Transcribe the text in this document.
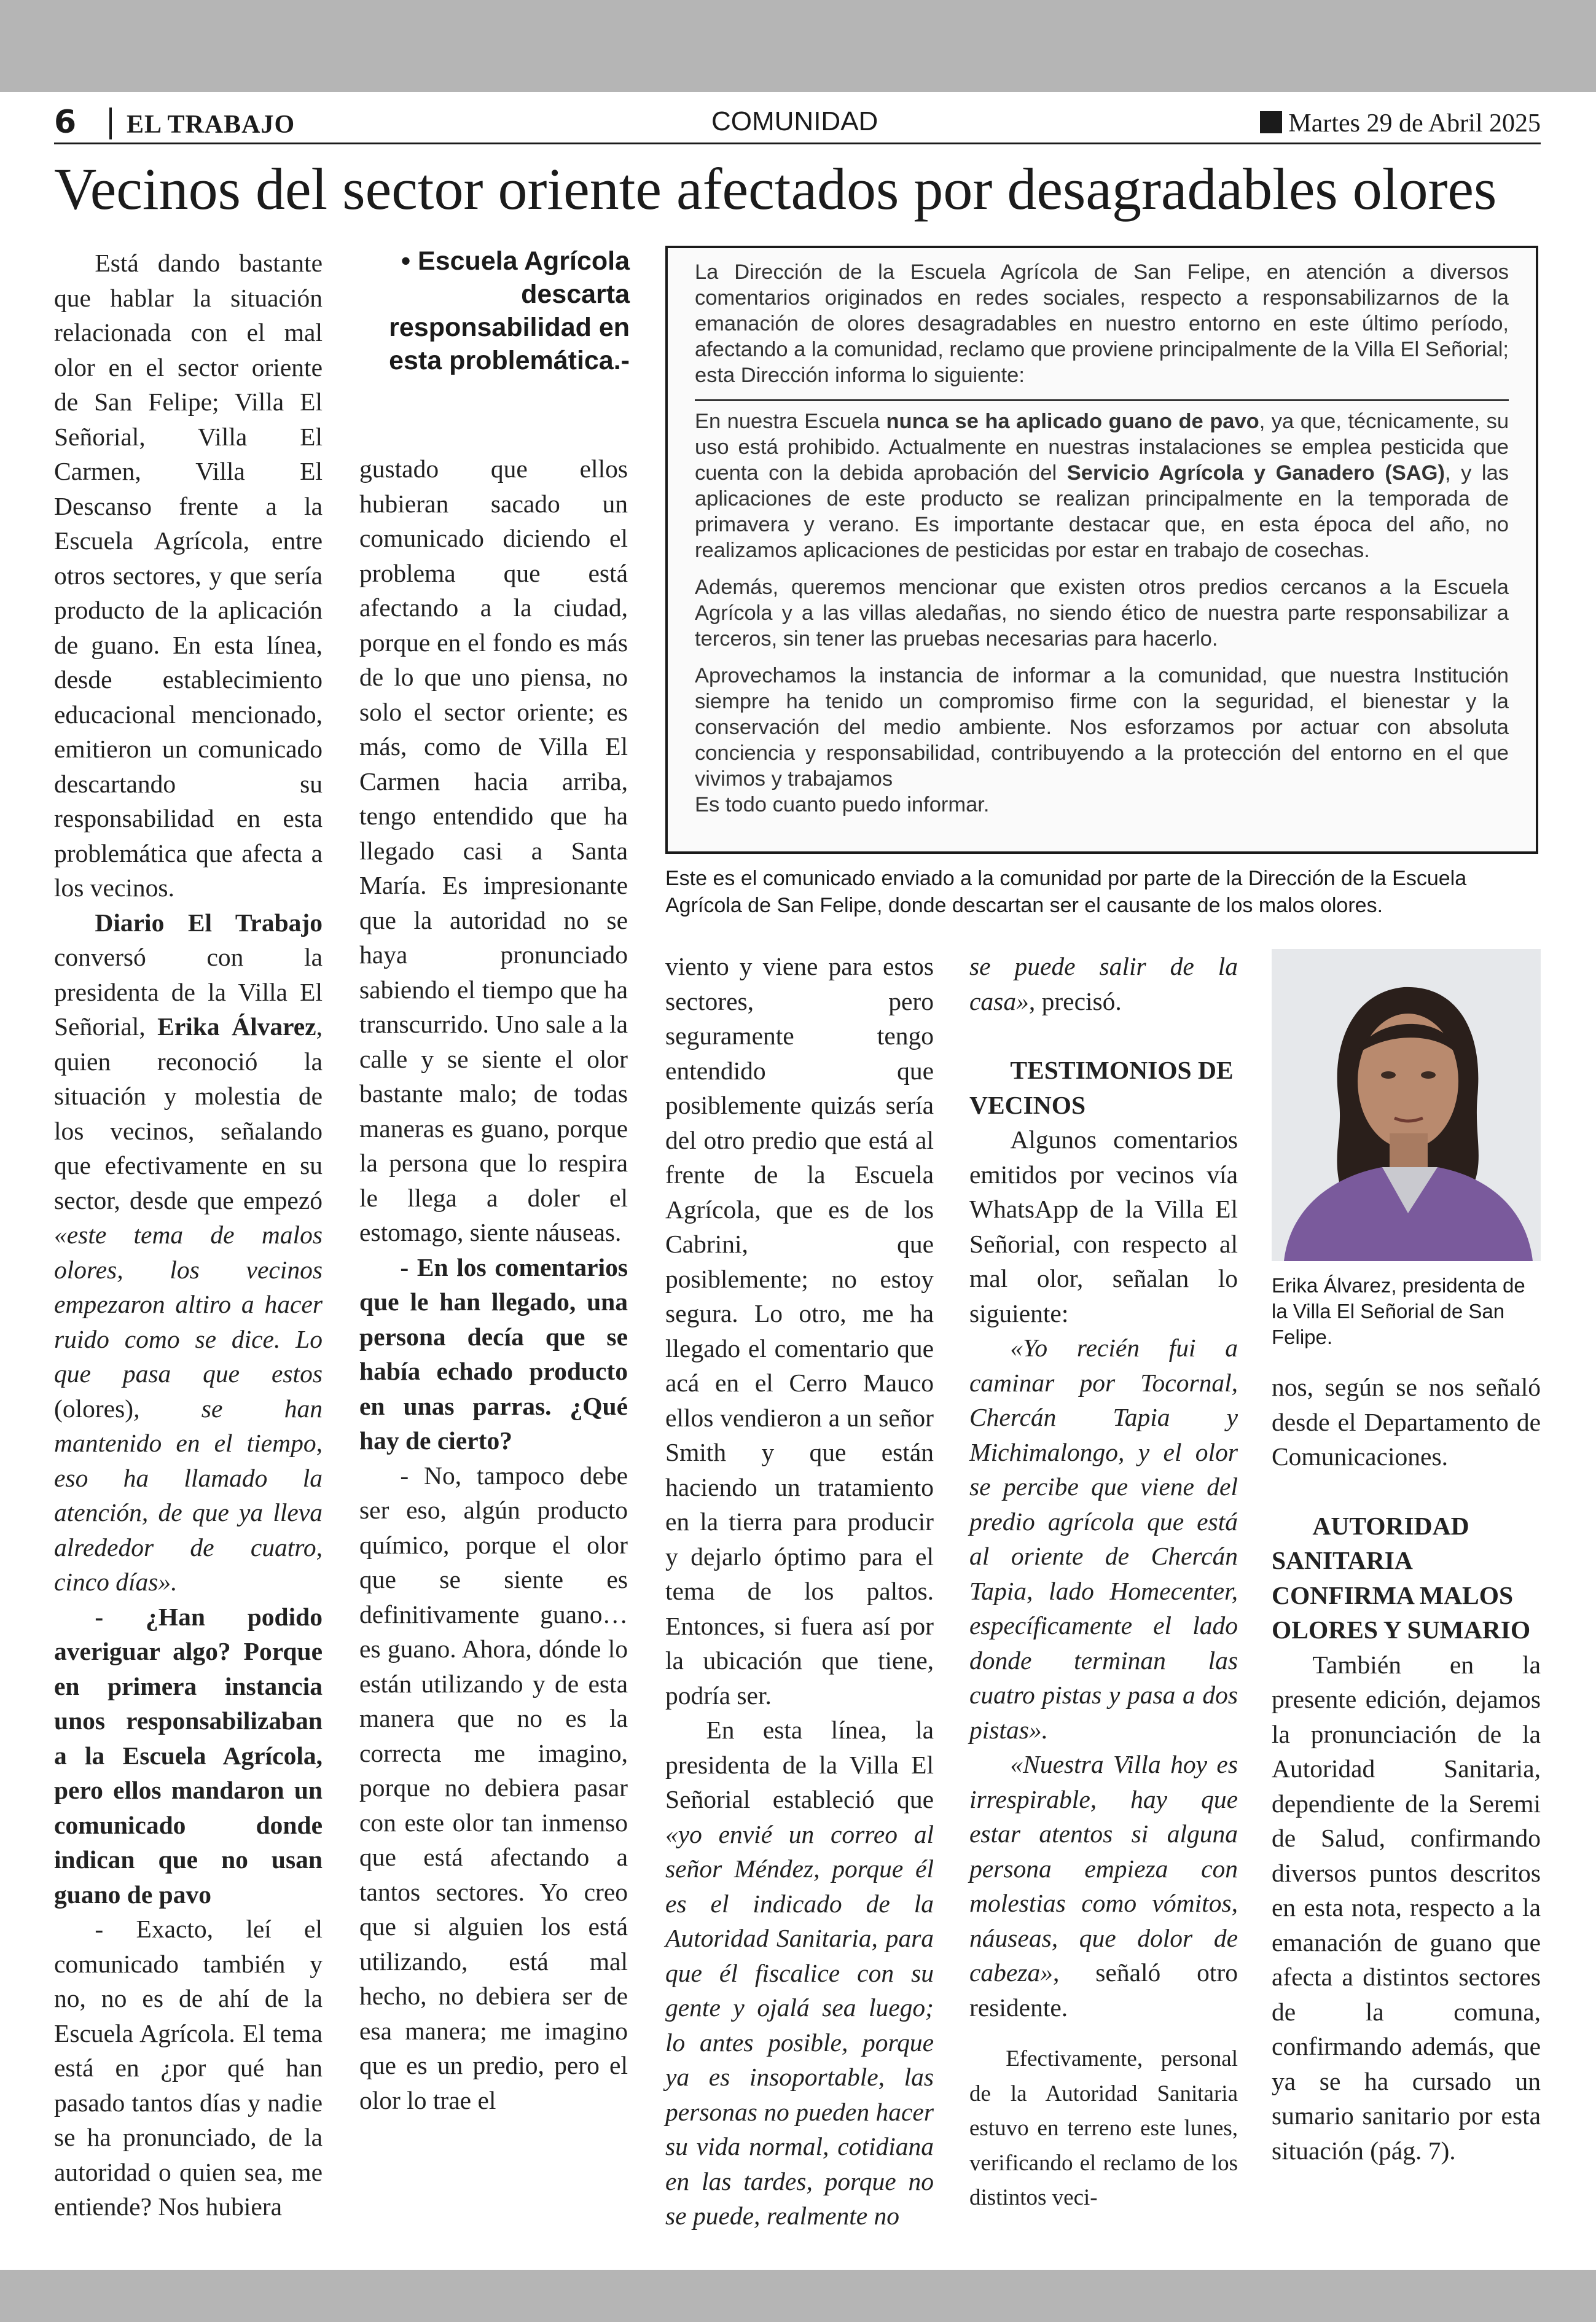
6 EL TRABAJO	COMUNIDAD	Martes 29 de Abril 2025
Vecinos del sector oriente afectados por desagradables olores

Está dando bastante que hablar la situación relacionada con el mal olor en el sector oriente de San Felipe; Villa El Señorial, Villa El Carmen, Villa El Descanso frente a la Escuela Agrícola, entre otros sectores, y que sería producto de la aplicación de guano. En esta línea, desde establecimiento educacional mencionado, emitieron un comunicado descartando su responsabilidad en esta problemática que afecta a los vecinos.

Diario El Trabajo conversó con la presidenta de la Villa El Señorial, Erika Álvarez, quien reconoció la situación y molestia de los vecinos, señalando que efectivamente en su sector, desde que empezó «este tema de malos olores, los vecinos empezaron altiro a hacer ruido como se dice. Lo que pasa que estos (olores), se han mantenido en el tiempo, eso ha llamado la atención, de que ya lleva alrededor de cuatro, cinco días».

- ¿Han podido averiguar algo? Porque en primera instancia unos responsabilizaban a la Escuela Agrícola, pero ellos mandaron un comunicado donde indican que no usan guano de pavo

- Exacto, leí el comunicado también y no, no es de ahí de la Escuela Agrícola. El tema está en ¿por qué han pasado tantos días y nadie se ha pronunciado, de la autoridad o quien sea, me entiende? Nos hubiera

• Escuela Agrícola descarta responsabilidad en esta problemática.-

gustado que ellos hubieran sacado un comunicado diciendo el problema que está afectando a la ciudad, porque en el fondo es más de lo que uno piensa, no solo el sector oriente; es más, como de Villa El Carmen hacia arriba, tengo entendido que ha llegado casi a Santa María. Es impresionante que la autoridad no se haya pronunciado sabiendo el tiempo que ha transcurrido. Uno sale a la calle y se siente el olor bastante malo; de todas maneras es guano, porque la persona que lo respira le llega a doler el estomago, siente náuseas.

- En los comentarios que le han llegado, una persona decía que se había echado producto en unas parras. ¿Qué hay de cierto?

- No, tampoco debe ser eso, algún producto químico, porque el olor que se siente es definitivamente guano… es guano. Ahora, dónde lo están utilizando y de esta manera que no es la correcta me imagino, porque no debiera pasar con este olor tan inmenso que está afectando a tantos sectores. Yo creo que si alguien los está utilizando, está mal hecho, no debiera ser de esa manera; me imagino que es un predio, pero el olor lo trae el

La Dirección de la Escuela Agrícola de San Felipe, en atención a diversos comentarios originados en redes sociales, respecto a responsabilizarnos de la emanación de olores desagradables en nuestro entorno en este último período, afectando a la comunidad, reclamo que proviene principalmente de la Villa El Señorial; esta Dirección informa lo siguiente:

En nuestra Escuela nunca se ha aplicado guano de pavo, ya que, técnicamente, su uso está prohibido. Actualmente en nuestras instalaciones se emplea pesticida que cuenta con la debida aprobación del Servicio Agrícola y Ganadero (SAG), y las aplicaciones de este producto se realizan principalmente en la temporada de primavera y verano. Es importante destacar que, en esta época del año, no realizamos aplicaciones de pesticidas por estar en trabajo de cosechas.

Además, queremos mencionar que existen otros predios cercanos a la Escuela Agrícola y a las villas aledañas, no siendo ético de nuestra parte responsabilizar a terceros, sin tener las pruebas necesarias para hacerlo.

Aprovechamos la instancia de informar a la comunidad, que nuestra Institución siempre ha tenido un compromiso firme con la seguridad, el bienestar y la conservación del medio ambiente. Nos esforzamos por actuar con absoluta conciencia y responsabilidad, contribuyendo a la protección del entorno en el que vivimos y trabajamos

Es todo cuanto puedo informar.

Este es el comunicado enviado a la comunidad por parte de la Dirección de la Escuela Agrícola de San Felipe, donde descartan ser el causante de los malos olores.

viento y viene para estos sectores, pero seguramente tengo entendido que posiblemente quizás sería del otro predio que está al frente de la Escuela Agrícola, que es de los Cabrini, que posiblemente; no estoy segura. Lo otro, me ha llegado el comentario que acá en el Cerro Mauco ellos vendieron a un señor Smith y que están haciendo un tratamiento en la tierra para producir y dejarlo óptimo para el tema de los paltos. Entonces, si fuera así por la ubicación que tiene, podría ser.

En esta línea, la presidenta de la Villa El Señorial estableció que «yo envié un correo al señor Méndez, porque él es el indicado de la Autoridad Sanitaria, para que él fiscalice con su gente y ojalá sea luego; lo antes posible, porque ya es insoportable, las personas no pueden hacer su vida normal, cotidiana en las tardes, porque no se puede, realmente no

se puede salir de la casa», precisó.

TESTIMONIOS DE VECINOS

Algunos comentarios emitidos por vecinos vía WhatsApp de la Villa El Señorial, con respecto al mal olor, señalan lo siguiente:

«Yo recién fui a caminar por Tocornal, Chercán Tapia y Michimalongo, y el olor se percibe que viene del predio agrícola que está al oriente de Chercán Tapia, lado Homecenter, específicamente el lado donde terminan las cuatro pistas y pasa a dos pistas».

«Nuestra Villa hoy es irrespirable, hay que estar atentos si alguna persona empieza con molestias como vómitos, náuseas, que dolor de cabeza», señaló otro residente.

Efectivamente, personal de la Autoridad Sanitaria estuvo en terreno este lunes, verificando el reclamo de los distintos veci-

Erika Álvarez, presidenta de la Villa El Señorial de San Felipe.

nos, según se nos señaló desde el Departamento de Comunicaciones.

AUTORIDAD SANITARIA CONFIRMA MALOS OLORES Y SUMARIO

También en la presente edición, dejamos la pronunciación de la Autoridad Sanitaria, dependiente de la Seremi de Salud, confirmando diversos puntos descritos en esta nota, respecto a la emanación de guano que afecta a distintos sectores de la comuna, confirmando además, que ya se ha cursado un sumario sanitario por esta situación (pág. 7).
